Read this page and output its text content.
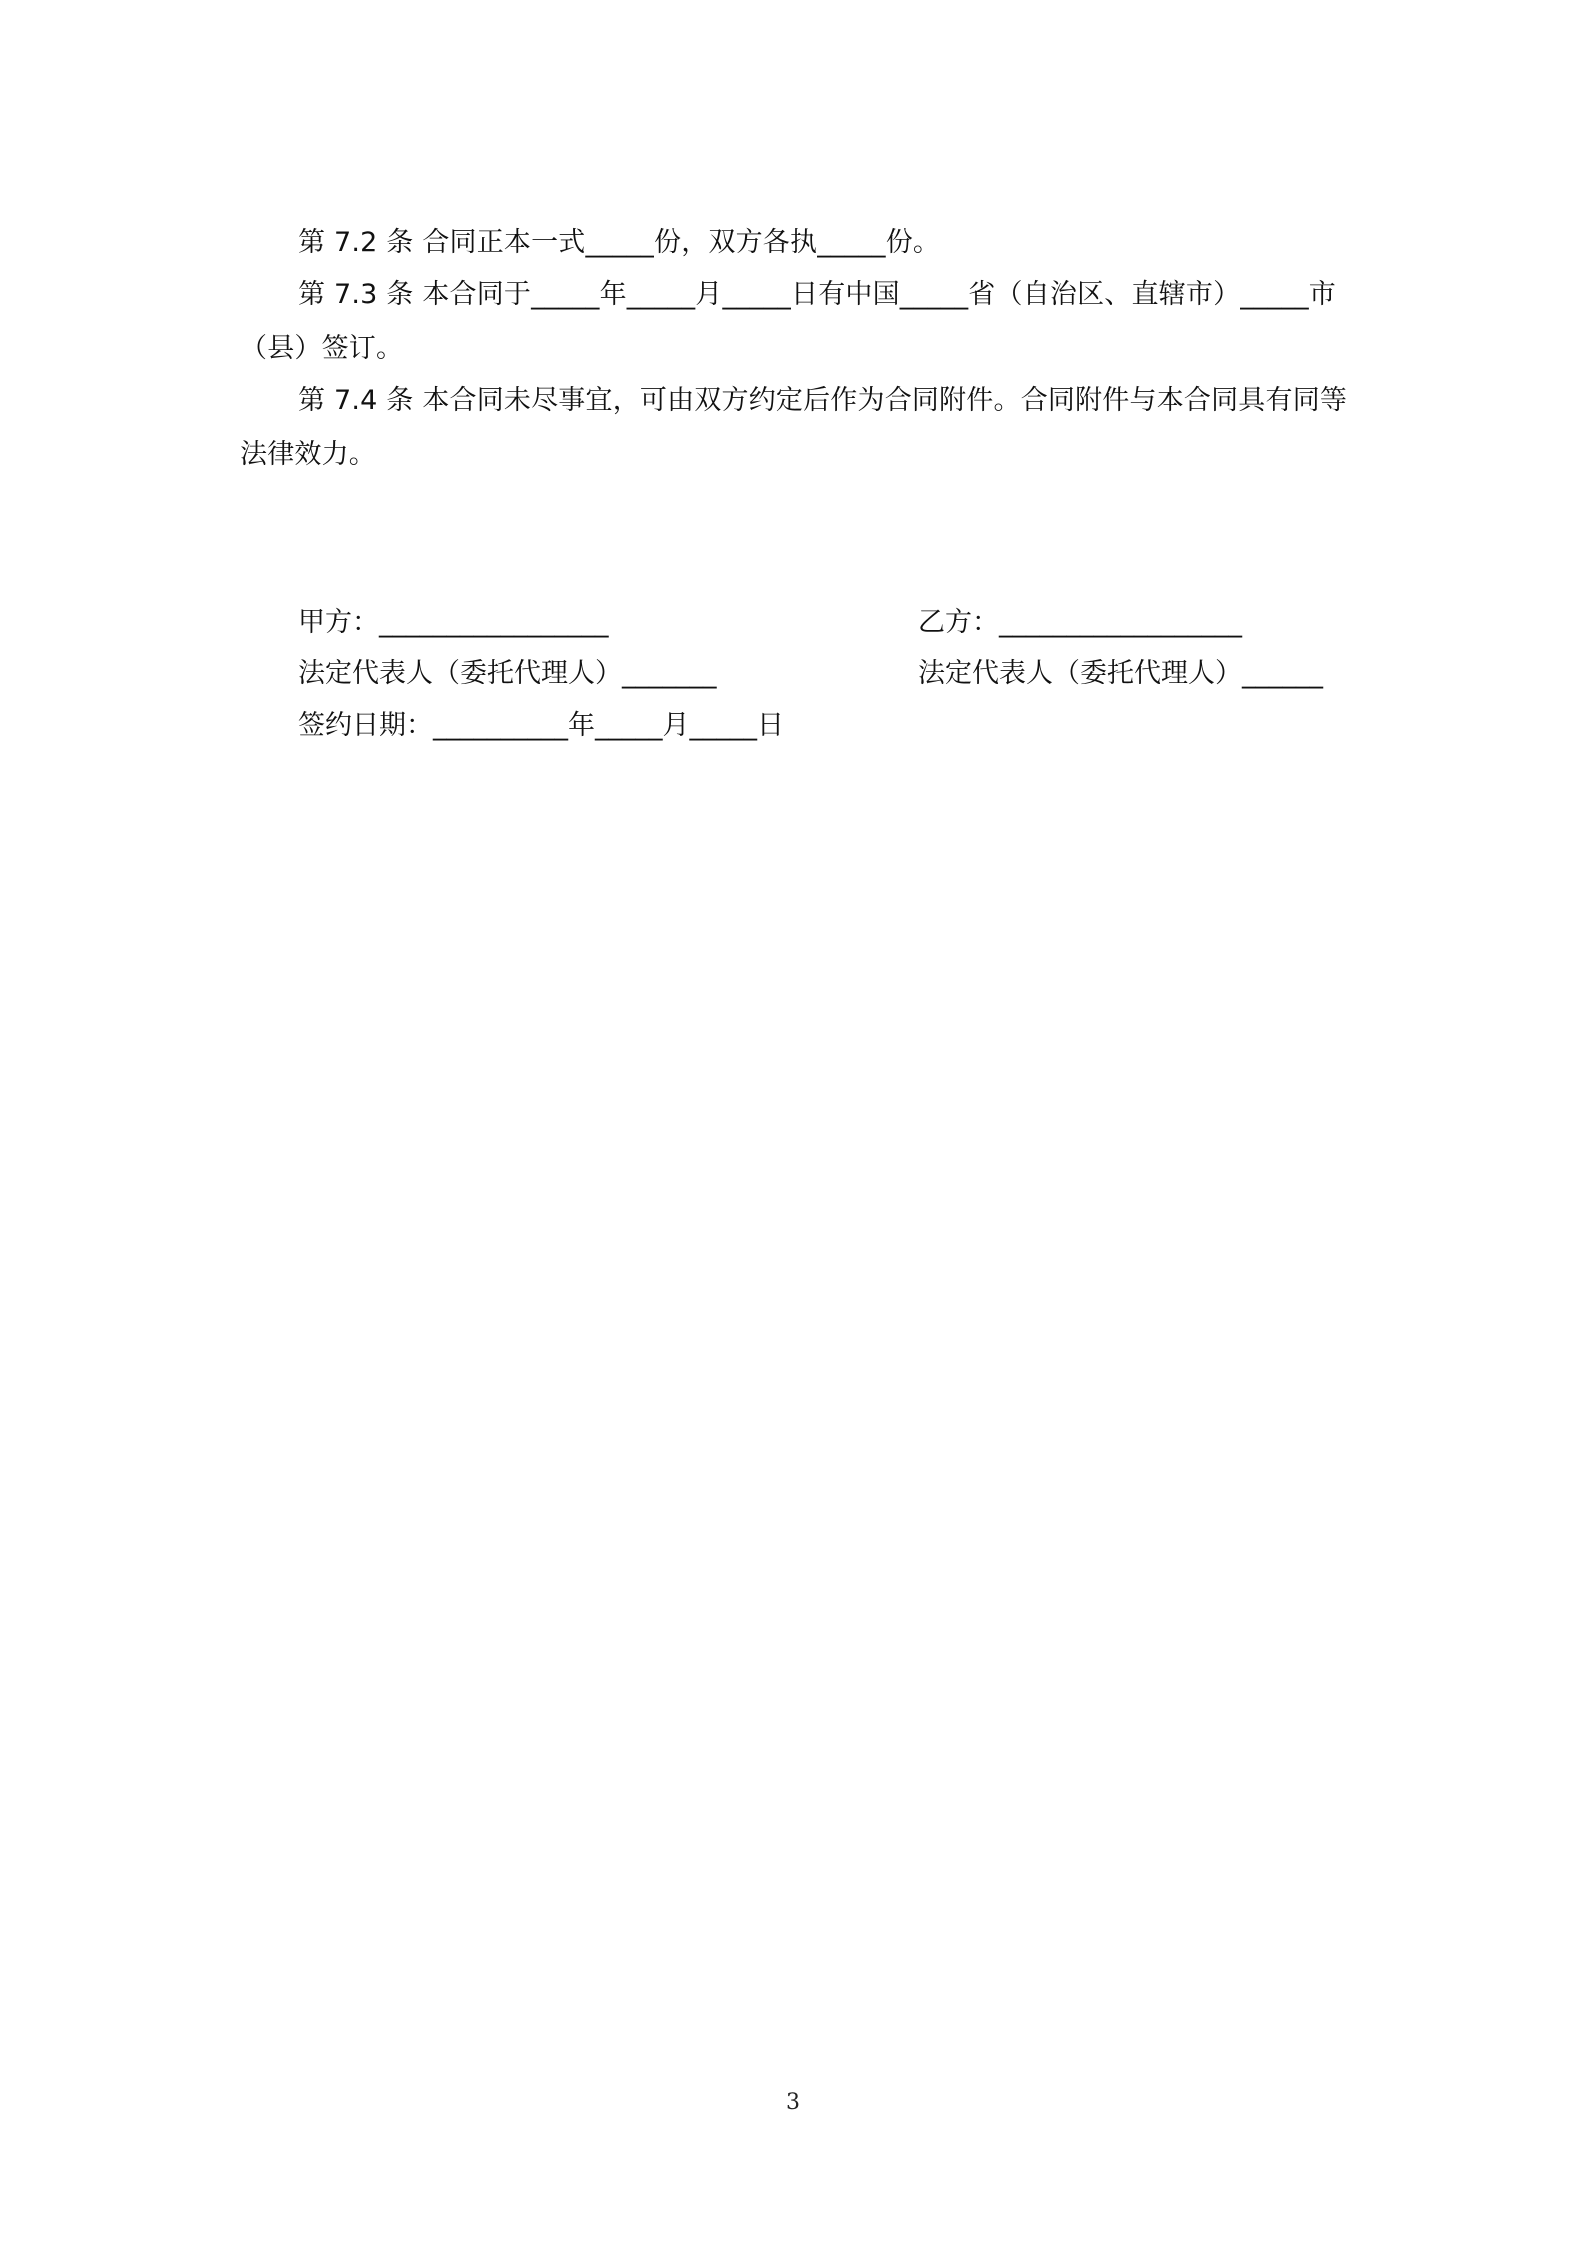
第 7.2 条 合同正本一式_____份，双方各执_____份。
第 7.3 条 本合同于_____年_____月_____日有中国_____省（自治区、直辖市）_____市（县）签订。
第 7.4 条 本合同未尽事宜，可由双方约定后作为合同附件。合同附件与本合同具有同等法律效力。
甲方：_________________	乙方：__________________
法定代表人（委托代理人）_______	法定代表人（委托代理人）______
签约日期：__________年_____月_____日
3
